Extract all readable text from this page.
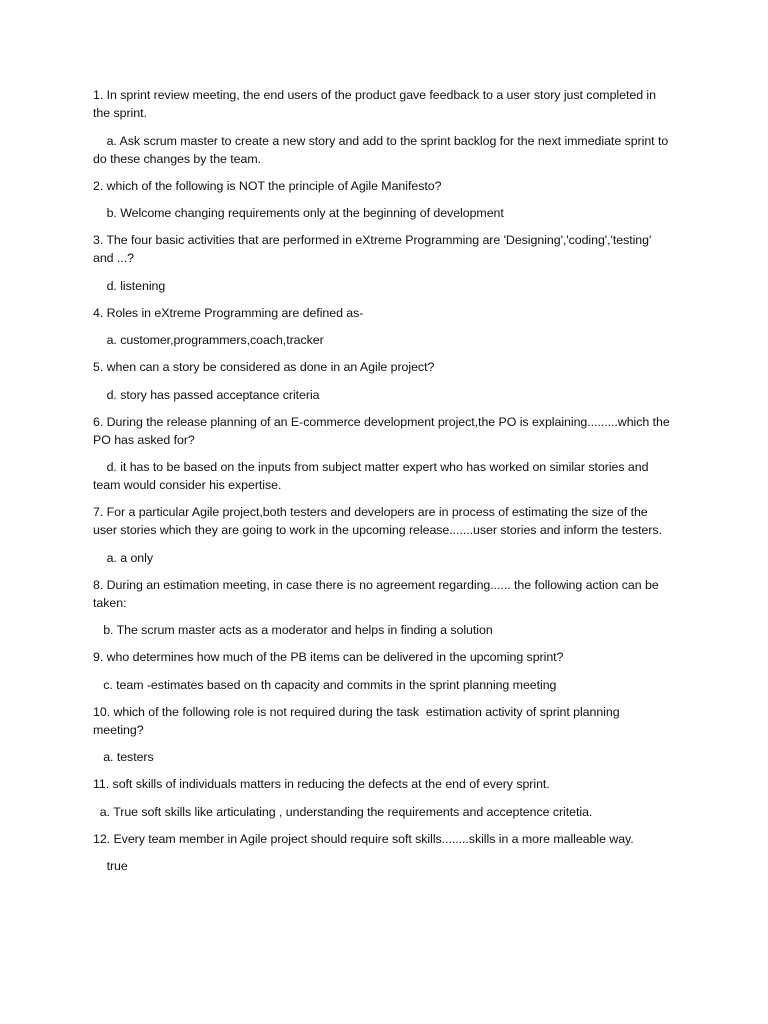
1. In sprint review meeting, the end users of the product gave feedback to a user story just completed in the sprint.

a. Ask scrum master to create a new story and add to the sprint backlog for the next immediate sprint to do these changes by the team.

2. which of the following is NOT the principle of Agile Manifesto?

b. Welcome changing requirements only at the beginning of development

3. The four basic activities that are performed in eXtreme Programming are 'Designing','coding','testing' and ...?

d. listening

4. Roles in eXtreme Programming are defined as-

a. customer,programmers,coach,tracker

5. when can a story be considered as done in an Agile project?

d. story has passed acceptance criteria

6. During the release planning of an E-commerce development project,the PO is explaining.........which the PO has asked for?

d. it has to be based on the inputs from subject matter expert who has worked on similar stories and team would consider his expertise.

7. For a particular Agile project,both testers and developers are in process of estimating the size of the user stories which they are going to work in the upcoming release.......user stories and inform the testers.

a. a only

8. During an estimation meeting, in case there is no agreement regarding...... the following action can be taken:

b. The scrum master acts as a moderator and helps in finding a solution

9. who determines how much of the PB items can be delivered in the upcoming sprint?

c. team -estimates based on th capacity and commits in the sprint planning meeting

10. which of the following role is not required during the task  estimation activity of sprint planning meeting?

a. testers

11. soft skills of individuals matters in reducing the defects at the end of every sprint.

a. True soft skills like articulating , understanding the requirements and acceptence critetia.

12. Every team member in Agile project should require soft skills........skills in a more malleable way.

true
